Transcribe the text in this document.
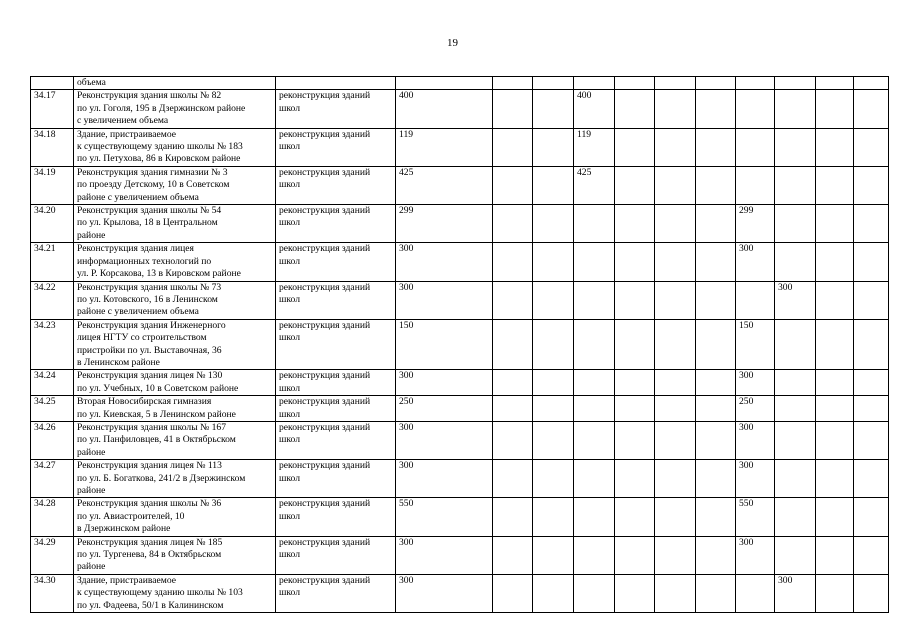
19
	объема												
34.17	Реконструкция здания школы № 82
по ул. Гоголя, 195 в Дзержинском районе
с увеличением объема	реконструкция зданий
школ	400			400							
34.18	Здание, пристраиваемое
к существующему зданию школы № 183
по ул. Петухова, 86 в Кировском районе	реконструкция зданий
школ	119			119							
34.19	Реконструкция здания гимназии № 3
по проезду Детскому, 10 в Советском
районе с увеличением объема	реконструкция зданий
школ	425			425							
34.20	Реконструкция здания школы № 54
по ул. Крылова, 18 в Центральном
районе	реконструкция зданий
школ	299							299			
34.21	Реконструкция здания лицея
информационных технологий по
ул. Р. Корсакова, 13 в Кировском районе	реконструкция зданий
школ	300							300			
34.22	Реконструкция здания школы № 73
по ул. Котовского, 16 в Ленинском
районе с увеличением объема	реконструкция зданий
школ	300								300		
34.23	Реконструкция здания Инженерного
лицея НГТУ со строительством
пристройки по ул. Выставочная, 36
в Ленинском районе	реконструкция зданий
школ	150							150			
34.24	Реконструкция здания лицея № 130
по ул. Учебных, 10 в Советском районе	реконструкция зданий
школ	300							300			
34.25	Вторая Новосибирская гимназия
по ул. Киевская, 5 в Ленинском районе	реконструкция зданий
школ	250							250			
34.26	Реконструкция здания школы № 167
по ул. Панфиловцев, 41 в Октябрьском
районе	реконструкция зданий
школ	300							300			
34.27	Реконструкция здания лицея № 113
по ул. Б. Богаткова, 241/2 в Дзержинском
районе	реконструкция зданий
школ	300							300			
34.28	Реконструкция здания школы № 36
по ул. Авиастроителей, 10
в Дзержинском районе	реконструкция зданий
школ	550							550			
34.29	Реконструкция здания лицея № 185
по ул. Тургенева, 84 в Октябрьском
районе	реконструкция зданий
школ	300							300			
34.30	Здание, пристраиваемое
к существующему зданию школы № 103
по ул. Фадеева, 50/1 в Калининском	реконструкция зданий
школ	300								300		
